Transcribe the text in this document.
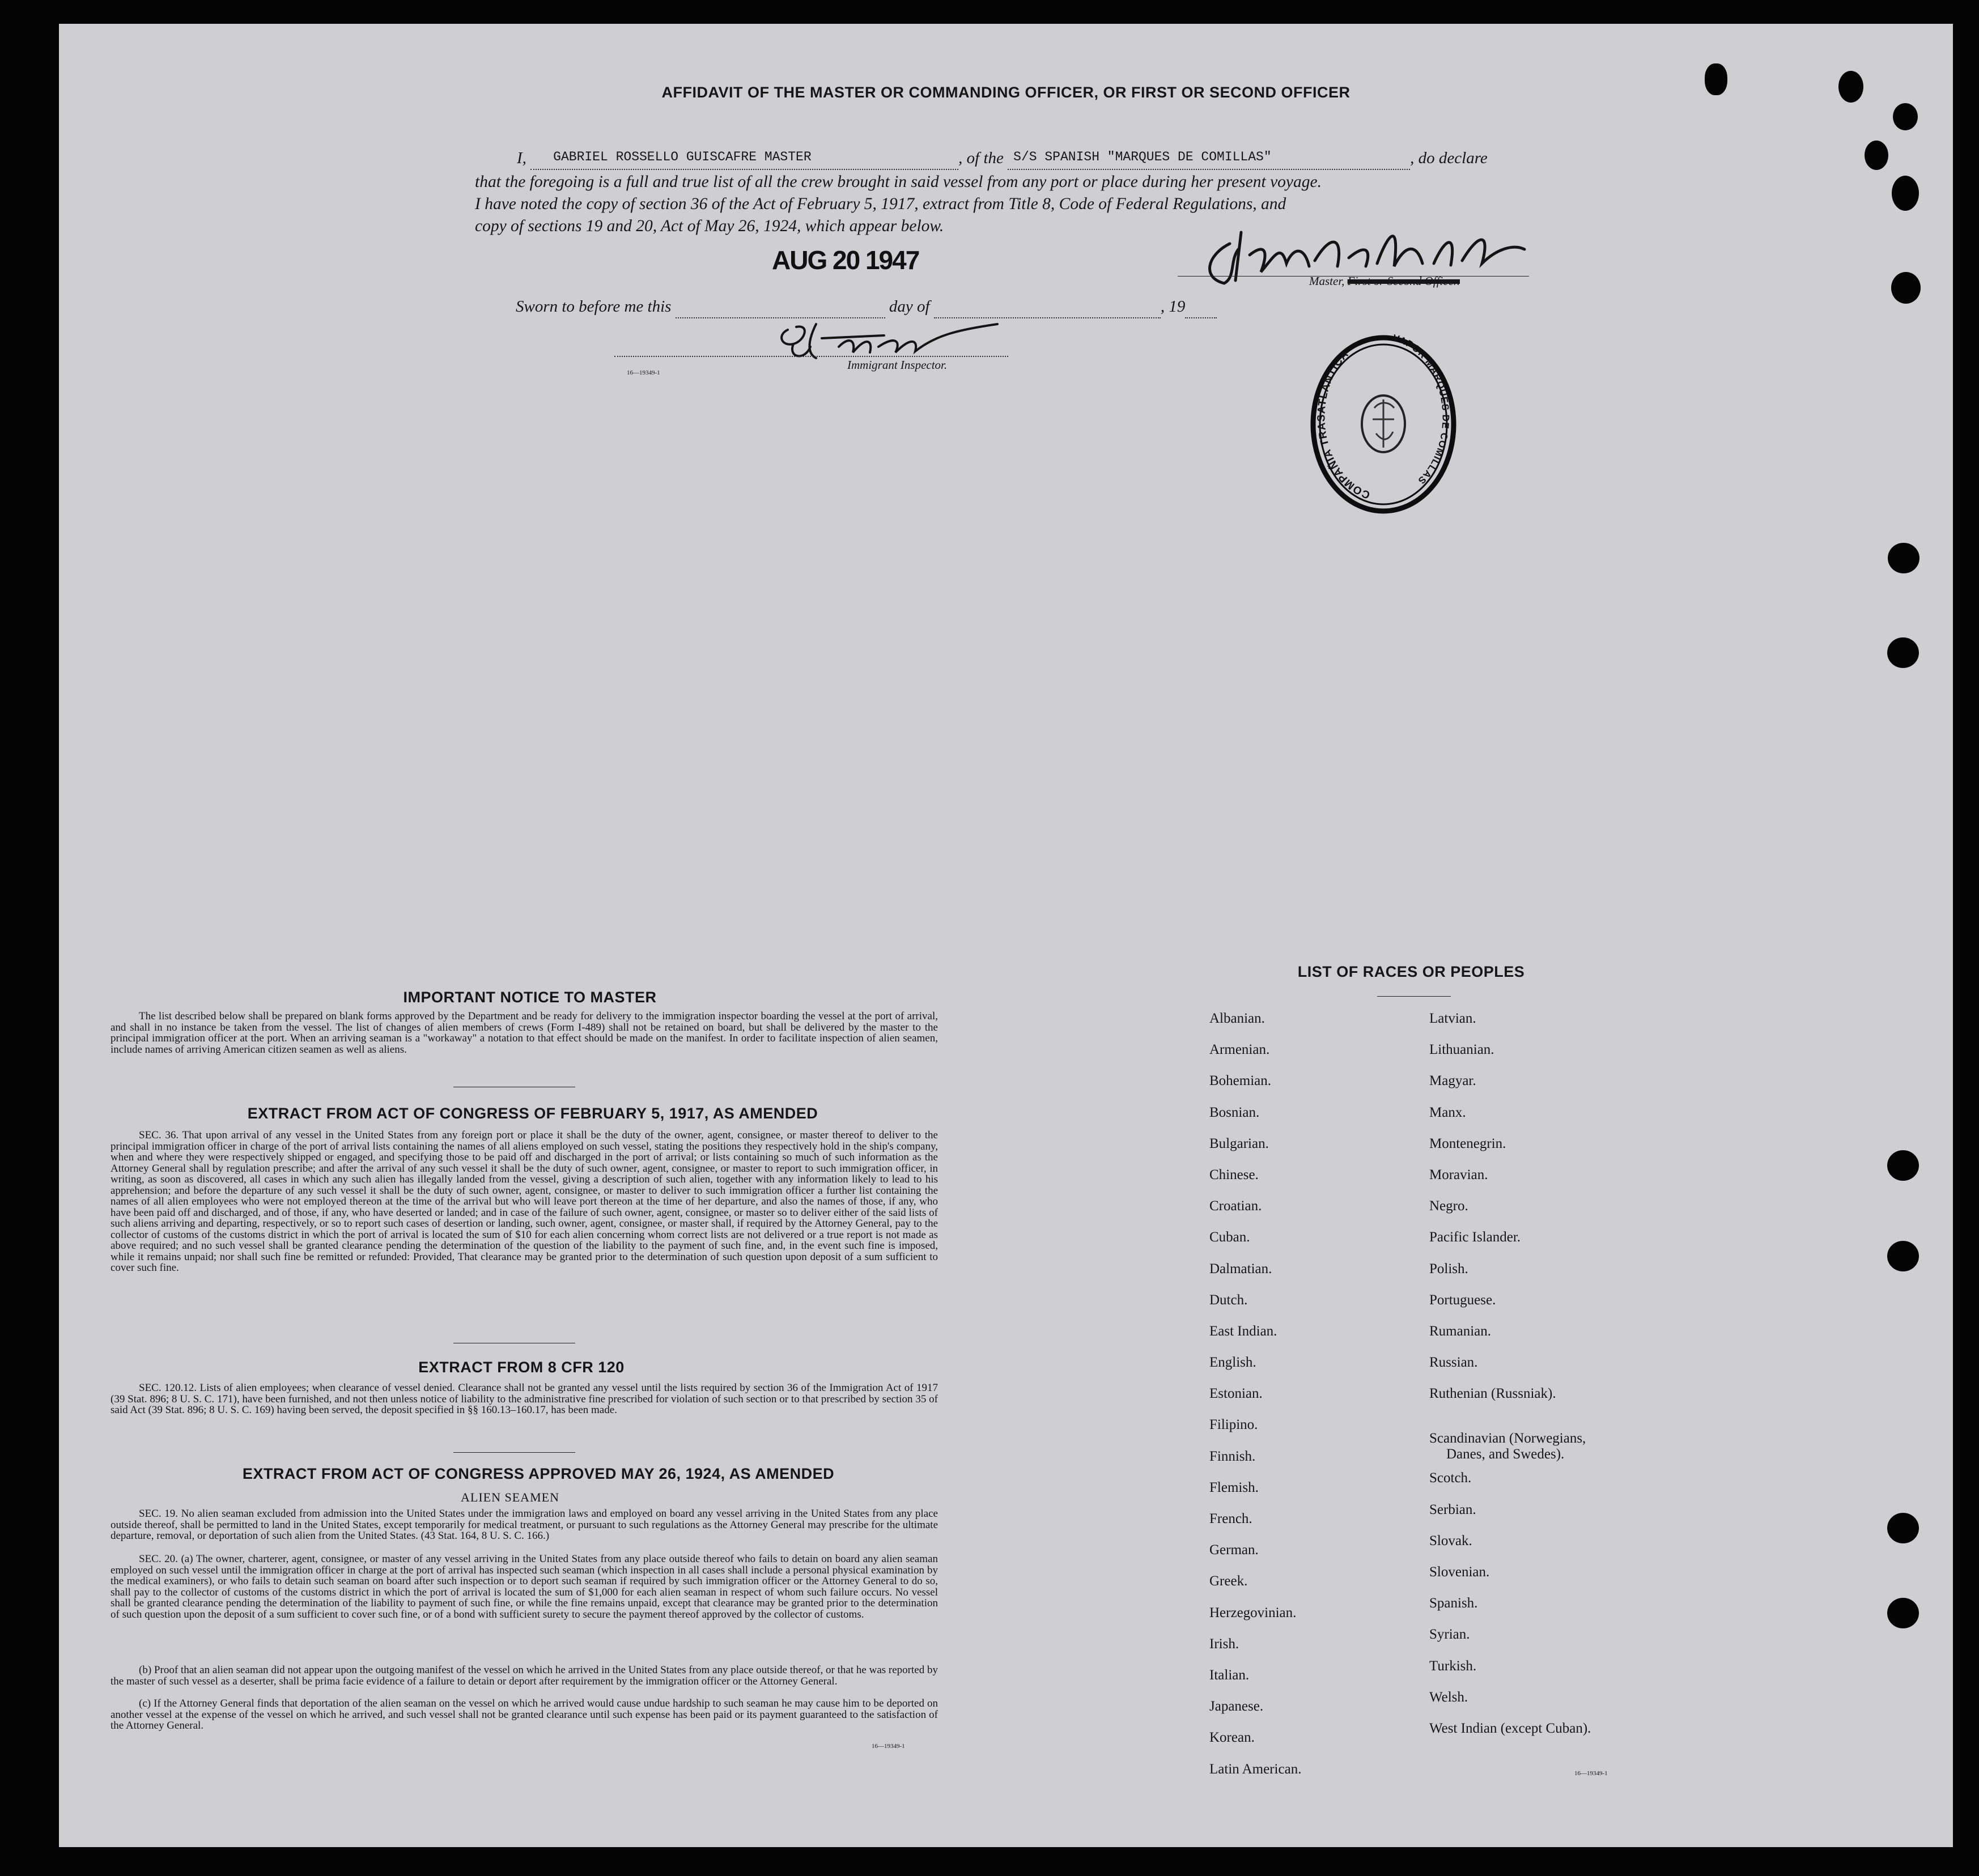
AFFIDAVIT OF THE MASTER OR COMMANDING OFFICER, OR FIRST OR SECOND OFFICER
I, GABRIEL ROSSELLO GUISCAFRE MASTER	, of the S/S SPANISH "MARQUES DE COMILLAS"	, do declare
that the foregoing is a full and true list of all the crew brought in said vessel from any port or place during her present voyage.
I have noted the copy of section 36 of the Act of February 5, 1917, extract from Title 8, Code of Federal Regulations, and
copy of sections 19 and 20, Act of May 26, 1924, which appear below.
AUG 20 1947
Master, First or Second Officer.
Sworn to before me this	day of	, 19
Immigrant Inspector.
16—19349-1
COMPAÑIA TRASATLANTICA
VAPOR MARQUES DE COMILLAS
IMPORTANT NOTICE TO MASTER
The list described below shall be prepared on blank forms approved by the Department and be ready for delivery to the immigration inspector boarding the vessel at the port of arrival, and shall in no instance be taken from the vessel. The list of changes of alien members of crews (Form I-489) shall not be retained on board, but shall be delivered by the master to the principal immigration officer at the port. When an arriving seaman is a "workaway" a notation to that effect should be made on the manifest. In order to facilitate inspection of alien seamen, include names of arriving American citizen seamen as well as aliens.
EXTRACT FROM ACT OF CONGRESS OF FEBRUARY 5, 1917, AS AMENDED
SEC. 36. That upon arrival of any vessel in the United States from any foreign port or place it shall be the duty of the owner, agent, consignee, or master thereof to deliver to the principal immigration officer in charge of the port of arrival lists containing the names of all aliens employed on such vessel, stating the positions they respectively hold in the ship's company, when and where they were respectively shipped or engaged, and specifying those to be paid off and discharged in the port of arrival; or lists containing so much of such information as the Attorney General shall by regulation prescribe; and after the arrival of any such vessel it shall be the duty of such owner, agent, consignee, or master to report to such immigration officer, in writing, as soon as discovered, all cases in which any such alien has illegally landed from the vessel, giving a description of such alien, together with any information likely to lead to his apprehension; and before the departure of any such vessel it shall be the duty of such owner, agent, consignee, or master to deliver to such immigration officer a further list containing the names of all alien employees who were not employed thereon at the time of the arrival but who will leave port thereon at the time of her departure, and also the names of those, if any, who have been paid off and discharged, and of those, if any, who have deserted or landed; and in case of the failure of such owner, agent, consignee, or master so to deliver either of the said lists of such aliens arriving and departing, respectively, or so to report such cases of desertion or landing, such owner, agent, consignee, or master shall, if required by the Attorney General, pay to the collector of customs of the customs district in which the port of arrival is located the sum of $10 for each alien concerning whom correct lists are not delivered or a true report is not made as above required; and no such vessel shall be granted clearance pending the determination of the question of the liability to the payment of such fine, and, in the event such fine is imposed, while it remains unpaid; nor shall such fine be remitted or refunded: Provided, That clearance may be granted prior to the determination of such question upon deposit of a sum sufficient to cover such fine.
EXTRACT FROM 8 CFR 120
SEC. 120.12. Lists of alien employees; when clearance of vessel denied. Clearance shall not be granted any vessel until the lists required by section 36 of the Immigration Act of 1917 (39 Stat. 896; 8 U. S. C. 171), have been furnished, and not then unless notice of liability to the administrative fine prescribed for violation of such section or to that prescribed by section 35 of said Act (39 Stat. 896; 8 U. S. C. 169) having been served, the deposit specified in §§ 160.13–160.17, has been made.
EXTRACT FROM ACT OF CONGRESS APPROVED MAY 26, 1924, AS AMENDED
ALIEN SEAMEN
SEC. 19. No alien seaman excluded from admission into the United States under the immigration laws and employed on board any vessel arriving in the United States from any place outside thereof, shall be permitted to land in the United States, except temporarily for medical treatment, or pursuant to such regulations as the Attorney General may prescribe for the ultimate departure, removal, or deportation of such alien from the United States. (43 Stat. 164, 8 U. S. C. 166.)
SEC. 20. (a) The owner, charterer, agent, consignee, or master of any vessel arriving in the United States from any place outside thereof who fails to detain on board any alien seaman employed on such vessel until the immigration officer in charge at the port of arrival has inspected such seaman (which inspection in all cases shall include a personal physical examination by the medical examiners), or who fails to detain such seaman on board after such inspection or to deport such seaman if required by such immigration officer or the Attorney General to do so, shall pay to the collector of customs of the customs district in which the port of arrival is located the sum of $1,000 for each alien seaman in respect of whom such failure occurs. No vessel shall be granted clearance pending the determination of the liability to payment of such fine, or while the fine remains unpaid, except that clearance may be granted prior to the determination of such question upon the deposit of a sum sufficient to cover such fine, or of a bond with sufficient surety to secure the payment thereof approved by the collector of customs.
(b) Proof that an alien seaman did not appear upon the outgoing manifest of the vessel on which he arrived in the United States from any place outside thereof, or that he was reported by the master of such vessel as a deserter, shall be prima facie evidence of a failure to detain or deport after requirement by the immigration officer or the Attorney General.
(c) If the Attorney General finds that deportation of the alien seaman on the vessel on which he arrived would cause undue hardship to such seaman he may cause him to be deported on another vessel at the expense of the vessel on which he arrived, and such vessel shall not be granted clearance until such expense has been paid or its payment guaranteed to the satisfaction of the Attorney General.
16—19349-1
LIST OF RACES OR PEOPLES
Albanian.
Armenian.
Bohemian.
Bosnian.
Bulgarian.
Chinese.
Croatian.
Cuban.
Dalmatian.
Dutch.
East Indian.
English.
Estonian.
Filipino.
Finnish.
Flemish.
French.
German.
Greek.
Herzegovinian.
Irish.
Italian.
Japanese.
Korean.
Latin American.
Latvian.
Lithuanian.
Magyar.
Manx.
Montenegrin.
Moravian.
Negro.
Pacific Islander.
Polish.
Portuguese.
Rumanian.
Russian.
Ruthenian (Russniak).
Scandinavian (Norwegians,
Danes, and Swedes).
Scotch.
Serbian.
Slovak.
Slovenian.
Spanish.
Syrian.
Turkish.
Welsh.
West Indian (except Cuban).
16—19349-1
